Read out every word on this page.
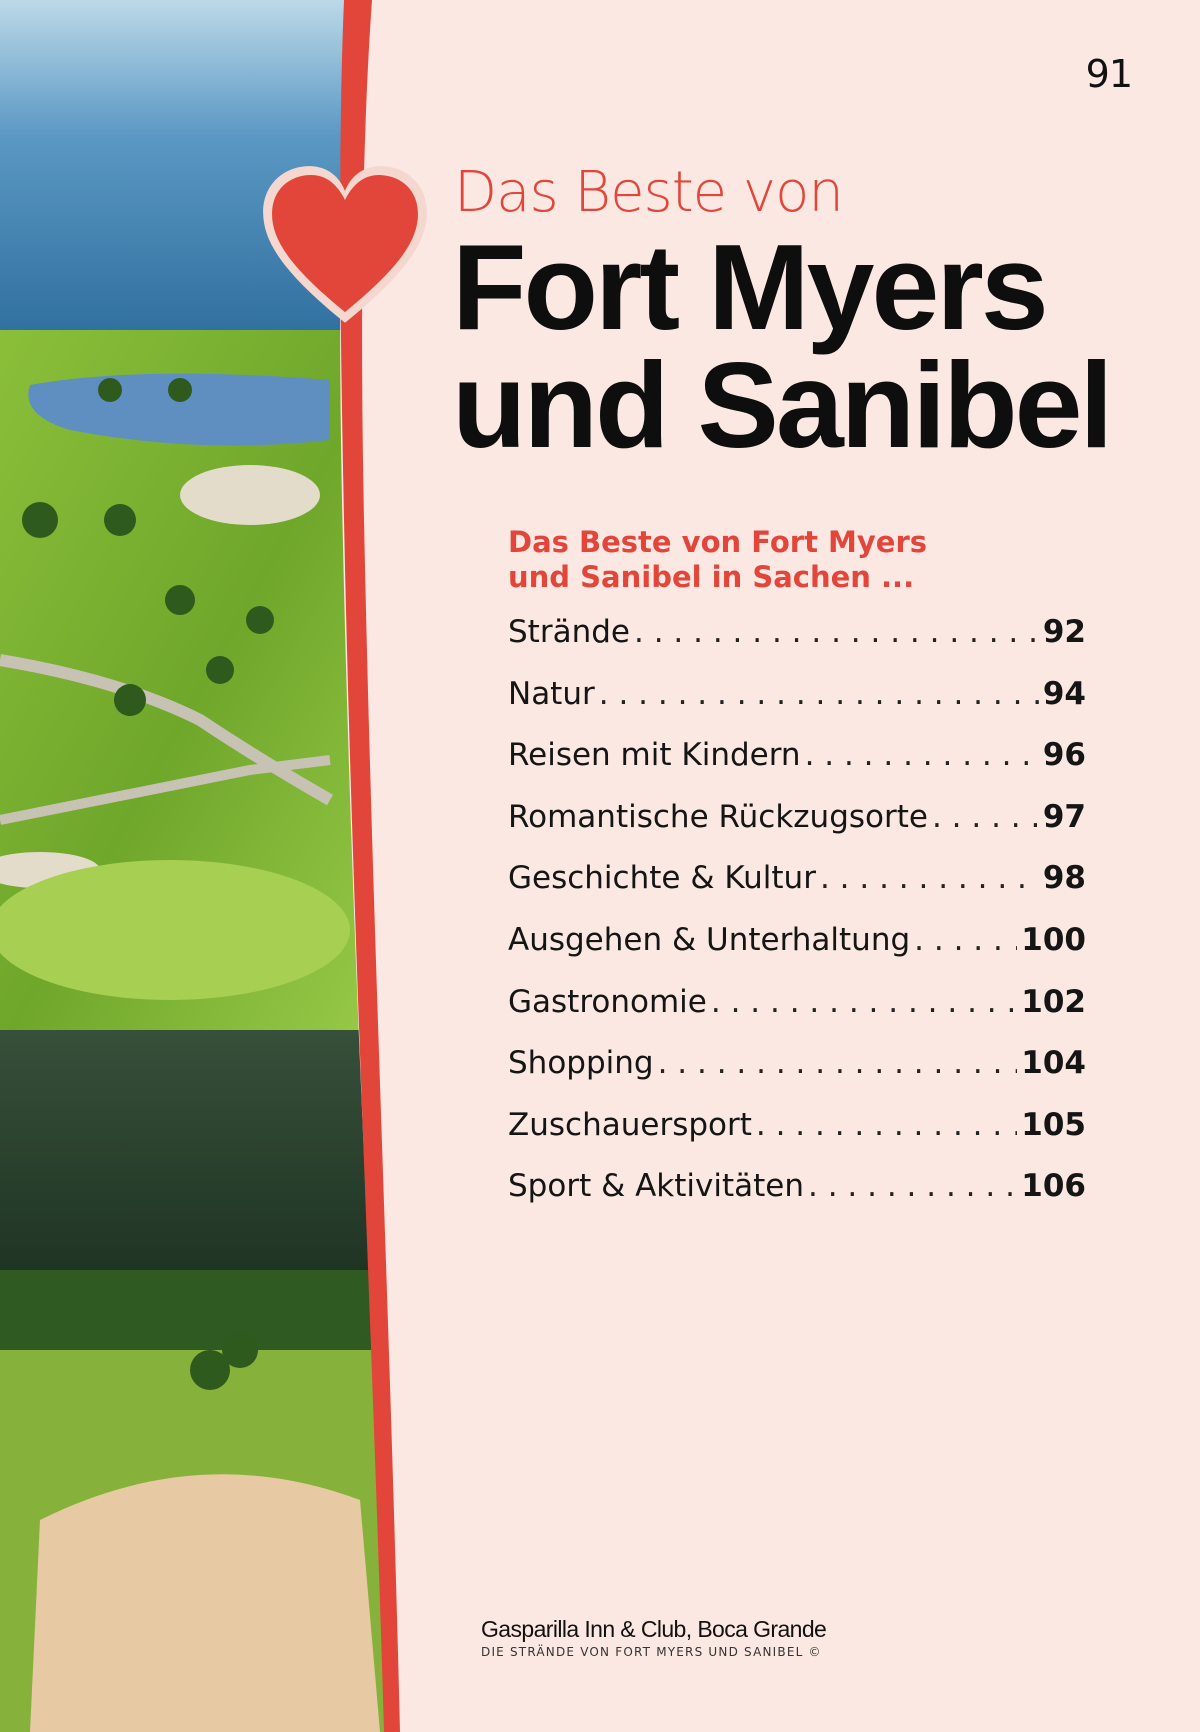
91
Das Beste von
Fort Myers
und Sanibel
Das Beste von Fort Myers
und Sanibel in Sachen ...
Strände . . .	92
Natur . . .	94
Reisen mit Kindern . . .	96
Romantische Rückzugsorte . . .	97
Geschichte & Kultur . . .	98
Ausgehen & Unterhaltung . . .	100
Gastronomie . . .	102
Shopping . . .	104
Zuschauersport . . .	105
Sport & Aktivitäten . . .	106
Gasparilla Inn & Club, Boca Grande
DIE STRÄNDE VON FORT MYERS UND SANIBEL ©
